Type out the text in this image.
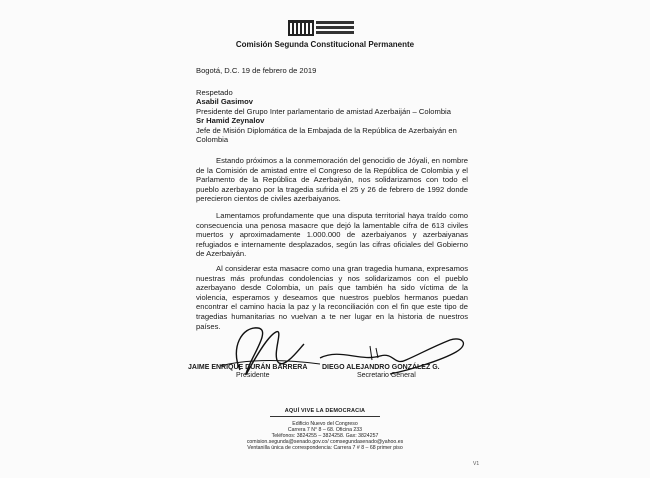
Comisión Segunda Constitucional Permanente
Bogotá, D.C. 19 de febrero de 2019
Respetado
Asabil Gasimov
Presidente del Grupo Inter parlamentario de amistad Azerbaiján – Colombia
Sr Hamid Zeynalov
Jefe de Misión Diplomática de la Embajada de la República de Azerbaiyán en
Colombia
Estando próximos a la conmemoración del genocidio de Jóyali, en nombre de la Comisión de amistad entre el Congreso de la República de Colombia y el Parlamento de la República de Azerbaiyán, nos solidarizamos con todo el pueblo azerbayano por la tragedia sufrida el 25 y 26 de febrero de 1992 donde perecieron cientos de civiles azerbaiyanos.
Lamentamos profundamente que una disputa territorial haya traído como consecuencia una penosa masacre que dejó la lamentable cifra de 613 civiles muertos y aproximadamente 1.000.000 de azerbaiyanos y azerbaiyanas refugiados e internamente desplazados, según las cifras oficiales del Gobierno de Azerbaiyán.
Al considerar esta masacre como una gran tragedia humana, expresamos nuestras más profundas condolencias y nos solidarizamos con el pueblo azerbayano desde Colombia, un país que también ha sido víctima de la violencia, esperamos y deseamos que nuestros pueblos hermanos puedan encontrar el camino hacia la paz y la reconciliación con el fin que este tipo de tragedias humanitarias no vuelvan a te ner lugar en la historia de nuestros países.
JAIME ENRIQUE DURÁN BARRERA
Presidente
DIEGO ALEJANDRO GONZÁLEZ G.
Secretario General
AQUÍ VIVE LA DEMOCRACIA
Edificio Nuevo del Congreso
Carrera 7 N° 8 – 68. Oficina 233
Teléfonos: 3824255 – 3824258. Gax: 3824257
comision.segunda@senado.gov.co/ comsegundasenado@yahoo.es
Ventanilla única de correspondencia: Carrera 7 # 8 – 68 primer piso
V1
